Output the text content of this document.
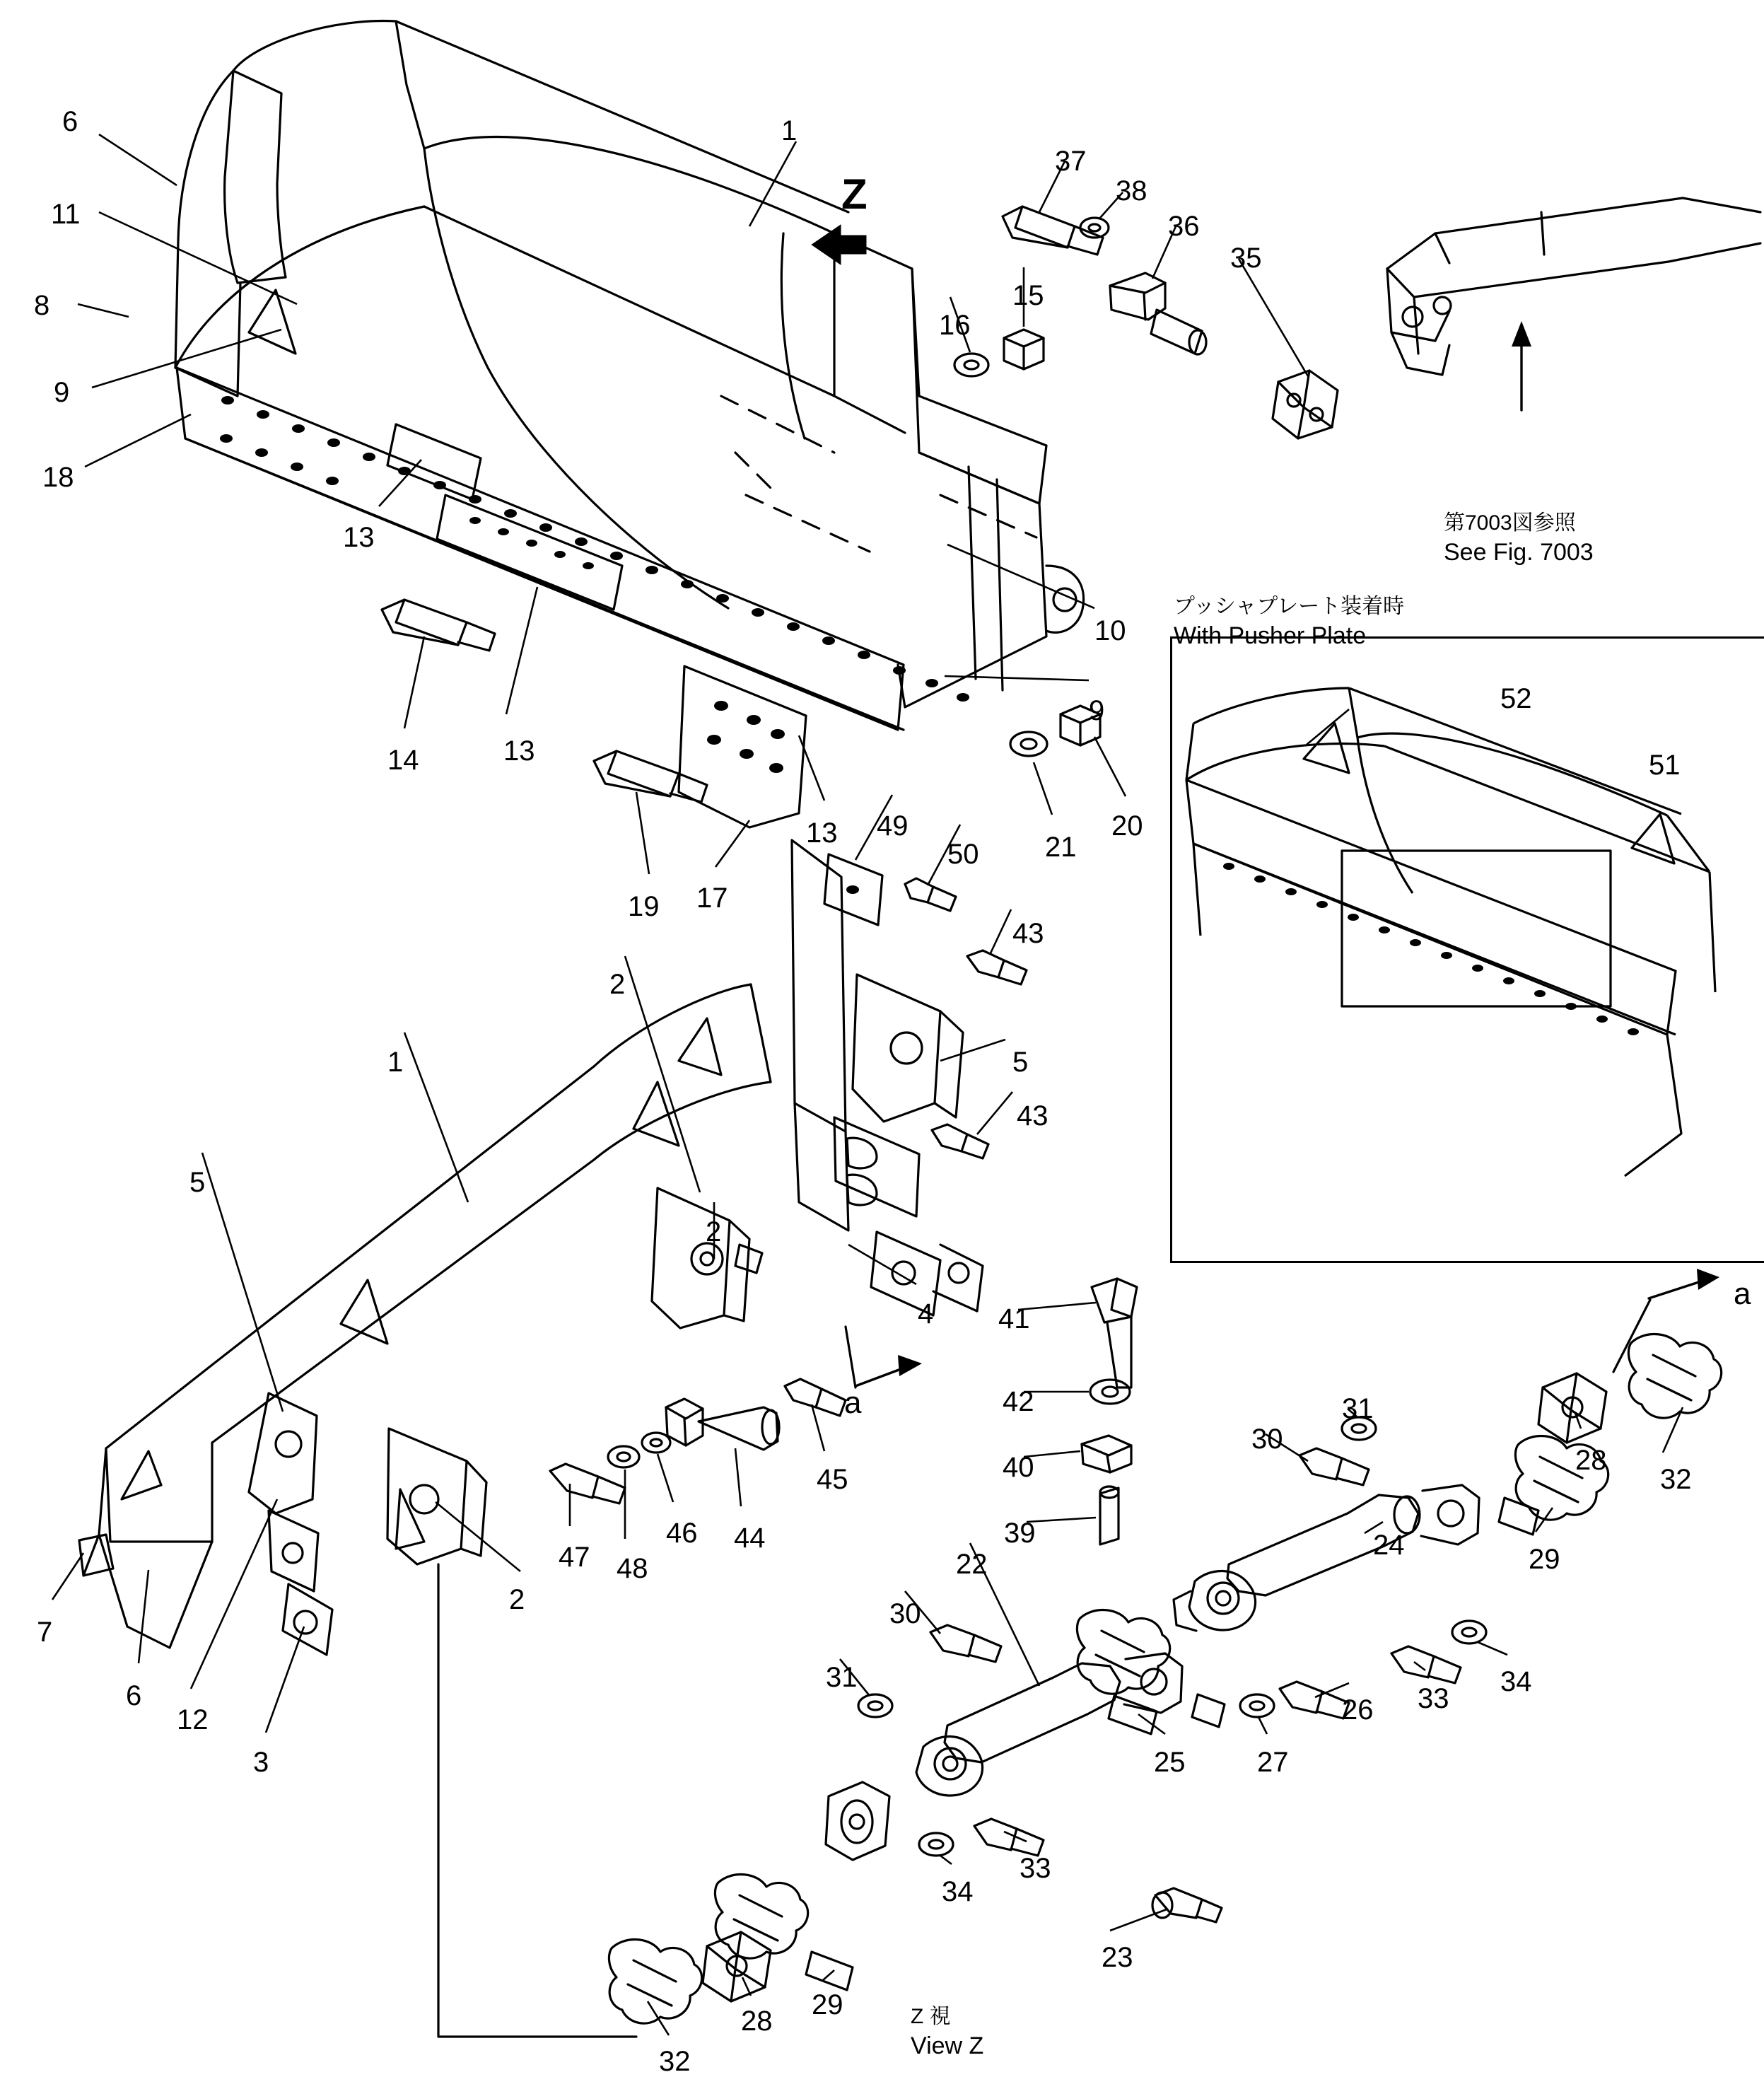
Z
プッシャプレート装着時
With Pusher Plate
第7003図参照
See Fig. 7003
Z 視
View Z
a
a
1
6
11
8
9
18
13
14	13
19 17
13 49
50 21
20
9
10
16
15
37
38
36
35
43
5
43
2
1
5
2
4
7
6
12
3
2
47 48
46 44
45
41
42
40
39
30
31
28
32
29
24
22
30
31
25	27
26 33
34
34
33
23
29
28
32
52
51
